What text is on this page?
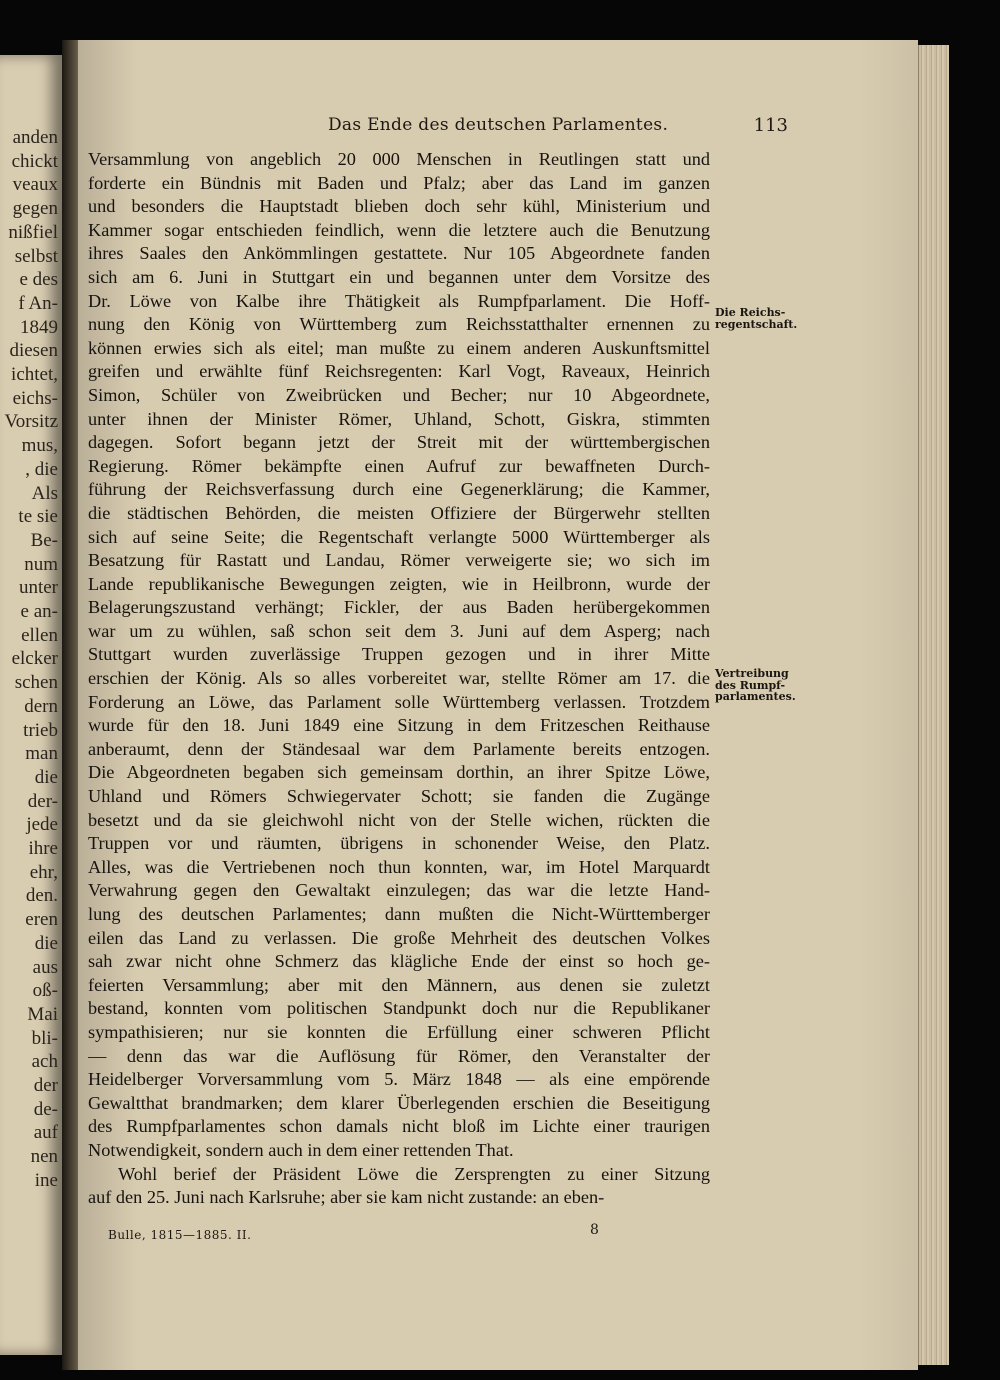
anden
chickt
veaux
gegen
nißfiel
selbst
e des
f An-
1849
diesen
ichtet,
eichs-
Vorsitz
mus,
, die
Als
te sie
Be-
num
unter
e an-
ellen
elcker
schen
dern
trieb
man
die
der-
jede
ihre
ehr,
den.
eren
die
aus
oß-
Mai
bli-
ach
der
de-
auf
nen
ine
Das Ende des deutschen Parlamentes.	113
Versammlung von angeblich 20 000 Menschen in Reutlingen statt und
forderte ein Bündnis mit Baden und Pfalz; aber das Land im ganzen
und besonders die Hauptstadt blieben doch sehr kühl, Ministerium und
Kammer sogar entschieden feindlich, wenn die letztere auch die Benutzung
ihres Saales den Ankömmlingen gestattete. Nur 105 Abgeordnete fanden
sich am 6. Juni in Stuttgart ein und begannen unter dem Vorsitze des
Dr. Löwe von Kalbe ihre Thätigkeit als Rumpfparlament. Die Hoff-
nung den König von Württemberg zum Reichsstatthalter ernennen zu
können erwies sich als eitel; man mußte zu einem anderen Auskunftsmittel
greifen und erwählte fünf Reichsregenten: Karl Vogt, Raveaux, Heinrich
Simon, Schüler von Zweibrücken und Becher; nur 10 Abgeordnete,
unter ihnen der Minister Römer, Uhland, Schott, Giskra, stimmten
dagegen. Sofort begann jetzt der Streit mit der württembergischen
Regierung. Römer bekämpfte einen Aufruf zur bewaffneten Durch-
führung der Reichsverfassung durch eine Gegenerklärung; die Kammer,
die städtischen Behörden, die meisten Offiziere der Bürgerwehr stellten
sich auf seine Seite; die Regentschaft verlangte 5000 Württemberger als
Besatzung für Rastatt und Landau, Römer verweigerte sie; wo sich im
Lande republikanische Bewegungen zeigten, wie in Heilbronn, wurde der
Belagerungszustand verhängt; Fickler, der aus Baden herübergekommen
war um zu wühlen, saß schon seit dem 3. Juni auf dem Asperg; nach
Stuttgart wurden zuverlässige Truppen gezogen und in ihrer Mitte
erschien der König. Als so alles vorbereitet war, stellte Römer am 17. die
Forderung an Löwe, das Parlament solle Württemberg verlassen. Trotzdem
wurde für den 18. Juni 1849 eine Sitzung in dem Fritzeschen Reithause
anberaumt, denn der Ständesaal war dem Parlamente bereits entzogen.
Die Abgeordneten begaben sich gemeinsam dorthin, an ihrer Spitze Löwe,
Uhland und Römers Schwiegervater Schott; sie fanden die Zugänge
besetzt und da sie gleichwohl nicht von der Stelle wichen, rückten die
Truppen vor und räumten, übrigens in schonender Weise, den Platz.
Alles, was die Vertriebenen noch thun konnten, war, im Hotel Marquardt
Verwahrung gegen den Gewaltakt einzulegen; das war die letzte Hand-
lung des deutschen Parlamentes; dann mußten die Nicht-Württemberger
eilen das Land zu verlassen. Die große Mehrheit des deutschen Volkes
sah zwar nicht ohne Schmerz das klägliche Ende der einst so hoch ge-
feierten Versammlung; aber mit den Männern, aus denen sie zuletzt
bestand, konnten vom politischen Standpunkt doch nur die Republikaner
sympathisieren; nur sie konnten die Erfüllung einer schweren Pflicht
— denn das war die Auflösung für Römer, den Veranstalter der
Heidelberger Vorversammlung vom 5. März 1848 — als eine empörende
Gewaltthat brandmarken; dem klarer Überlegenden erschien die Beseitigung
des Rumpfparlamentes schon damals nicht bloß im Lichte einer traurigen
Notwendigkeit, sondern auch in dem einer rettenden That.
Wohl berief der Präsident Löwe die Zersprengten zu einer Sitzung
auf den 25. Juni nach Karlsruhe; aber sie kam nicht zustande: an eben-
Die Reichs-
regentschaft.
Vertreibung
des Rumpf-
parlamentes.
Bulle, 1815—1885. II.	8
